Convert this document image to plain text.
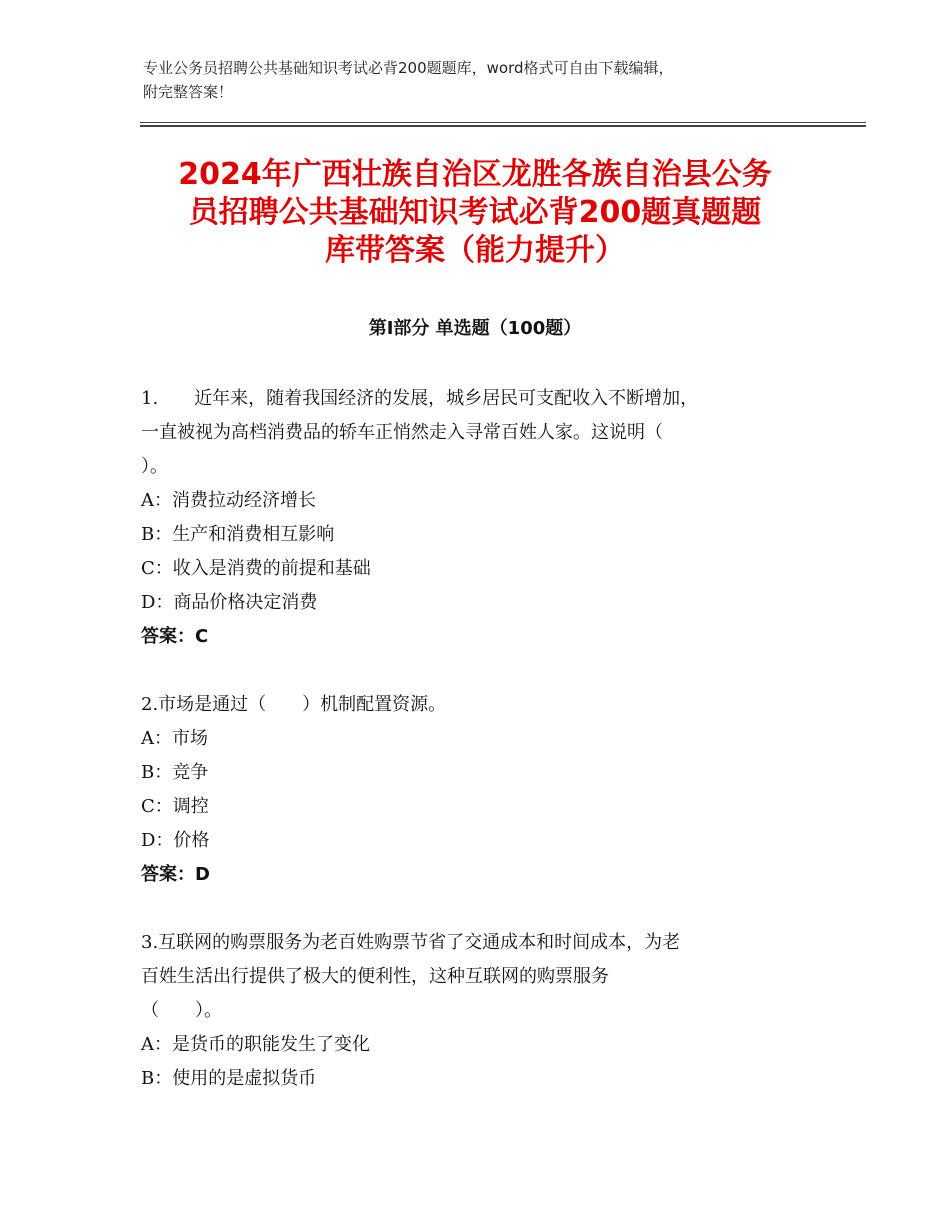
专业公务员招聘公共基础知识考试必背200题题库，word格式可自由下载编辑，
附完整答案！
2024年广西壮族自治区龙胜各族自治县公务
员招聘公共基础知识考试必背200题真题题
库带答案（能力提升）
第Ⅰ部分 单选题（100题）
1. 近年来，随着我国经济的发展，城乡居民可支配收入不断增加，
一直被视为高档消费品的轿车正悄然走入寻常百姓人家。这说明（
）。
A：消费拉动经济增长
B：生产和消费相互影响
C：收入是消费的前提和基础
D：商品价格决定消费
答案：C
2.市场是通过（　　）机制配置资源。
A：市场
B：竞争
C：调控
D：价格
答案：D
3.互联网的购票服务为老百姓购票节省了交通成本和时间成本，为老
百姓生活出行提供了极大的便利性，这种互联网的购票服务
（　　）。
A：是货币的职能发生了变化
B：使用的是虚拟货币
